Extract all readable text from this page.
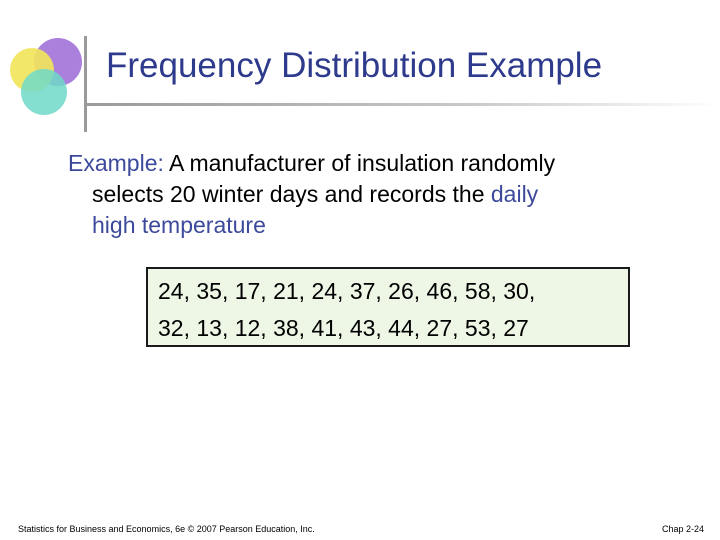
Frequency Distribution Example
Example: A manufacturer of insulation randomly
selects 20 winter days and records the daily
high temperature
24, 35, 17, 21, 24, 37, 26, 46, 58, 30,
32, 13, 12, 38, 41, 43, 44, 27, 53, 27
Statistics for Business and Economics, 6e © 2007 Pearson Education, Inc.	Chap 2-24
